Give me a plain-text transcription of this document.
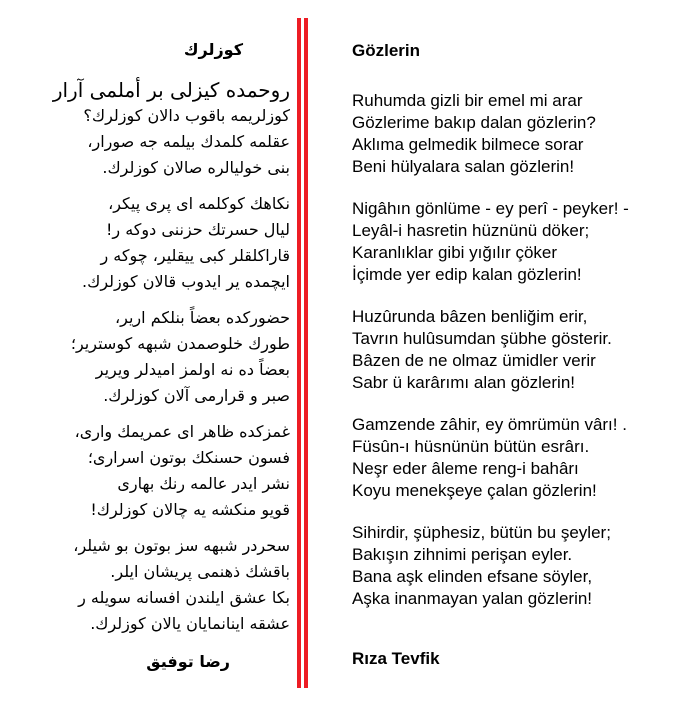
كوزلرك
روحمده كيزلى بر أملمى آرار
كوزلريمه باقوب دالان كوزلرك؟
عقلمه كلمدك بيلمه جه صورار،
بنى خوليالره صالان كوزلرك.
نكاهك كوكلمه اى پرى پيكر،
ليال حسرتك حزننى دوكه ر!
قاراكلقلر كبى ييقلير، چوكه ر
ايچمده ير ايدوب قالان كوزلرك.
حضوركده بعضاً بنلكم ارير،
طورك خلوصمدن شبهه كوسترير؛
بعضاً ده نه اولمز اميدلر ويرير
صبر و قرارمى آلان كوزلرك.
غمزكده ظاهر اى عمريمك وارى،
فسون حسنكك بوتون اسرارى؛
نشر ايدر عالمه رنك بهارى
قويو منكشه يه چالان كوزلرك!
سحردر شبهه سز بوتون بو شيلر،
باقشك ذهنمى پريشان ايلر.
بكا عشق ايلندن افسانه سويله ر
عشقه اينانمايان يالان كوزلرك.
رضا توفيق
Gözlerin
Ruhumda gizli bir emel mi arar
Gözlerime bakıp dalan gözlerin?
Aklıma gelmedik bilmece sorar
Beni hülyalara salan gözlerin!
Nigâhın gönlüme - ey perî - peyker! -
Leyâl-i hasretin hüznünü döker;
Karanlıklar gibi yığılır çöker
İçimde yer edip kalan gözlerin!
Huzûrunda bâzen benliğim erir,
Tavrın hulûsumdan şübhe gösterir.
Bâzen de ne olmaz ümidler verir
Sabr ü karârımı alan gözlerin!
Gamzende zâhir, ey ömrümün vârı! .
Füsûn-ı hüsnünün bütün esrârı.
Neşr eder âleme reng-i bahârı
Koyu menekşeye çalan gözlerin!
Sihirdir, şüphesiz, bütün bu şeyler;
Bakışın zihnimi perişan eyler.
Bana aşk elinden efsane söyler,
Aşka inanmayan yalan gözlerin!
Rıza Tevfik
